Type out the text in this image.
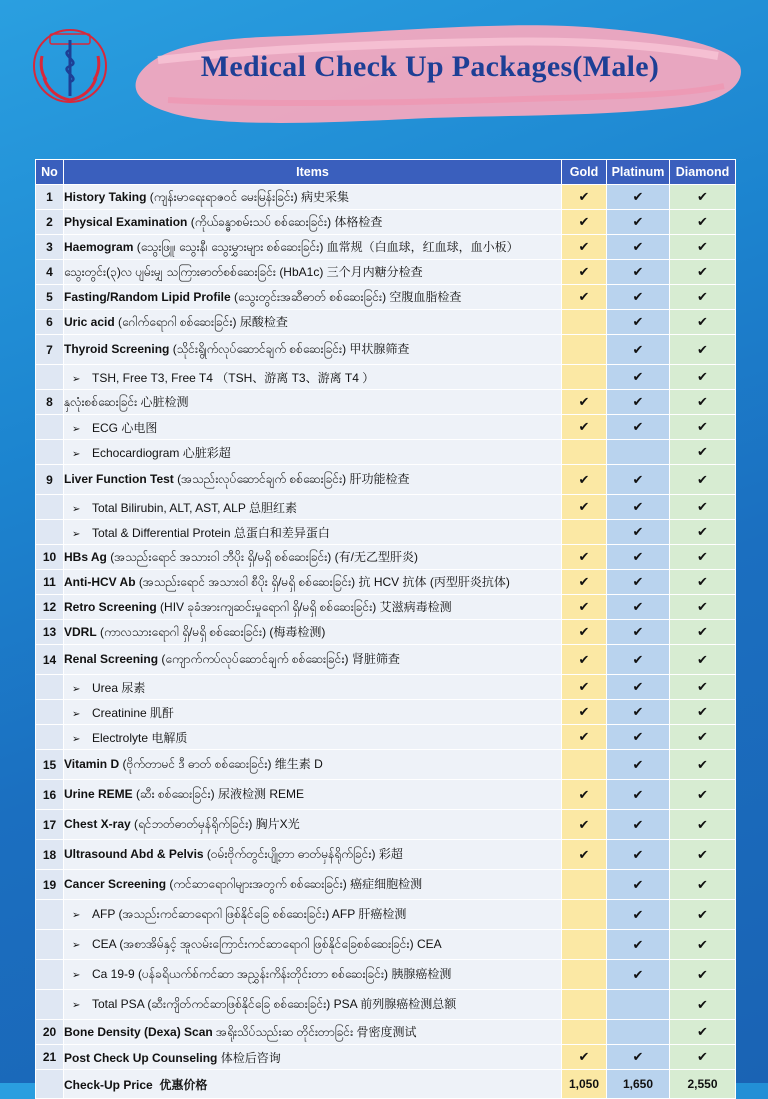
Medical Check Up Packages(Male)
No	Items	Gold	Platinum	Diamond
1	History Taking (ကျန်းမာရေးရာဇဝင် မေးမြန်းခြင်း) 病史采集	✔	✔	✔
2	Physical Examination (ကိုယ်ခန္ဓာစမ်းသပ် စစ်ဆေးခြင်း) 体格检查	✔	✔	✔
3	Haemogram (သွေးဖြူ၊ သွေးနီ၊ သွေးမွှားများ စစ်ဆေးခြင်း) 血常规（白血球，红血球，血小板）	✔	✔	✔
4	သွေးတွင်း(၃)လ ပျမ်းမျှ သကြားဓာတ်စစ်ဆေးခြင်း (HbA1c) 三个月内糖分检查	✔	✔	✔
5	Fasting/Random Lipid Profile (သွေးတွင်းအဆီဓာတ် စစ်ဆေးခြင်း) 空腹血脂检查	✔	✔	✔
6	Uric acid (ဂေါက်ရောဂါ စစ်ဆေးခြင်း) 尿酸检查		✔	✔
7	Thyroid Screening (သိုင်းရွိုက်လုပ်ဆောင်ချက် စစ်ဆေးခြင်း) 甲状腺筛查		✔	✔
	➢ TSH, Free T3, Free T4 （TSH、游离 T3、游离 T4 ）		✔	✔
8	နှလုံးစစ်ဆေးခြင်း 心脏检测	✔	✔	✔
	➢ ECG 心电图	✔	✔	✔
	➢ Echocardiogram 心脏彩超			✔
9	Liver Function Test (အသည်းလုပ်ဆောင်ချက် စစ်ဆေးခြင်း) 肝功能检查	✔	✔	✔
	➢ Total Bilirubin, ALT, AST, ALP 总胆红素	✔	✔	✔
	➢ Total & Differential Protein 总蛋白和差异蛋白		✔	✔
10	HBs Ag (အသည်းရောင် အသားဝါ ဘီပိုး ရှိ/မရှိ စစ်ဆေးခြင်း) (有/无乙型肝炎)	✔	✔	✔
11	Anti-HCV Ab (အသည်းရောင် အသားဝါ စီပိုး ရှိ/မရှိ စစ်ဆေးခြင်း) 抗 HCV 抗体 (丙型肝炎抗体)	✔	✔	✔
12	Retro Screening (HIV ခုခံအားကျဆင်းမှုရောဂါ ရှိ/မရှိ စစ်ဆေးခြင်း) 艾滋病毒检测	✔	✔	✔
13	VDRL (ကာလသားရောဂါ ရှိ/မရှိ စစ်ဆေးခြင်း) (梅毒检测)	✔	✔	✔
14	Renal Screening (ကျောက်ကပ်လုပ်ဆောင်ချက် စစ်ဆေးခြင်း) 肾脏筛查	✔	✔	✔
	➢ Urea 尿素	✔	✔	✔
	➢ Creatinine 肌酐	✔	✔	✔
	➢ Electrolyte 电解质	✔	✔	✔
15	Vitamin D (ဗိုက်တာမင် ဒီ ဓာတ် စစ်ဆေးခြင်း) 维生素 D		✔	✔
16	Urine REME (ဆီး စစ်ဆေးခြင်း) 尿液检测 REME	✔	✔	✔
17	Chest X-ray (ရင်ဘတ်ဓာတ်မှန်ရိုက်ခြင်း) 胸片X光	✔	✔	✔
18	Ultrasound Abd & Pelvis (ဝမ်းဗိုက်တွင်းပျို့တာ ဓာတ်မှန်ရိုက်ခြင်း) 彩超	✔	✔	✔
19	Cancer Screening (ကင်ဆာရောဂါများအတွက် စစ်ဆေးခြင်း) 癌症细胞检测		✔	✔
	➢ AFP (အသည်းကင်ဆာရောဂါ ဖြစ်နိုင်ခြေ စစ်ဆေးခြင်း) AFP 肝癌检测		✔	✔
	➢ CEA (အစာအိမ်နှင့် အူလမ်းကြောင်းကင်ဆာရောဂါ ဖြစ်နိုင်ခြေစစ်ဆေးခြင်း) CEA		✔	✔
	➢ Ca 19-9 (ပန်ခရိယက်စ်ကင်ဆာ အညွှန်းကိန်းတိုင်းတာ စစ်ဆေးခြင်း) 胰腺癌检测		✔	✔
	➢ Total PSA (ဆီးကျိတ်ကင်ဆာဖြစ်နိုင်ခြေ စစ်ဆေးခြင်း) PSA 前列腺癌检测总额			✔
20	Bone Density (Dexa) Scan အရိုးသိပ်သည်းဆ တိုင်းတာခြင်း 骨密度测试			✔
21	Post Check Up Counseling 体检后咨询	✔	✔	✔
	Check-Up Price 优惠价格	1,050	1,650	2,550
